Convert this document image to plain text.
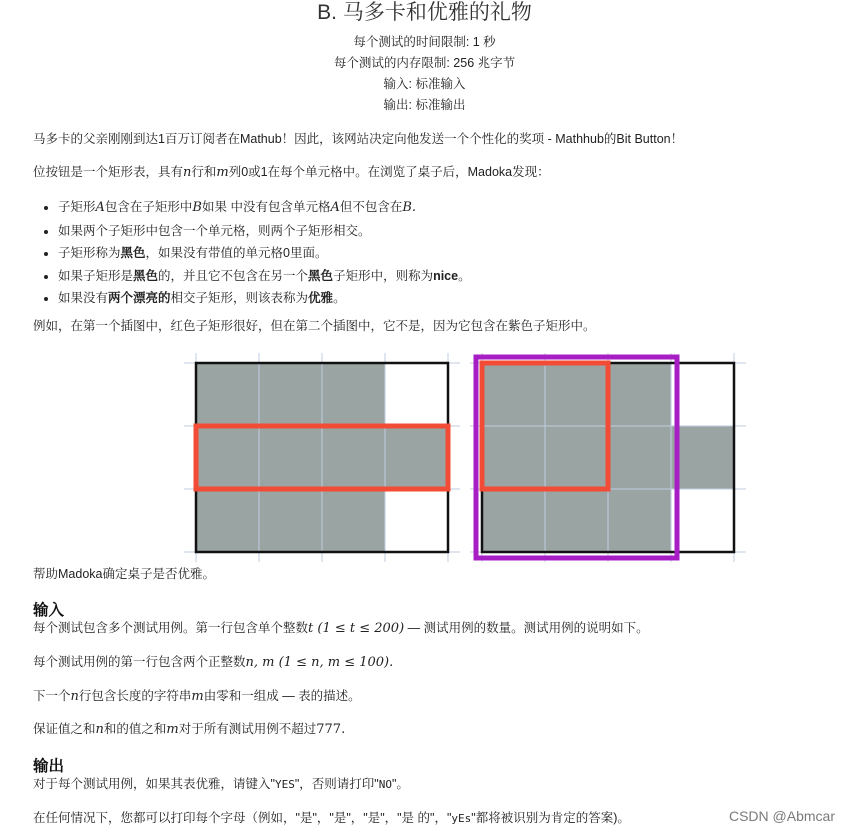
B. 马多卡和优雅的礼物
每个测试的时间限制: 1 秒
每个测试的内存限制: 256 兆字节
输入: 标准输入
输出: 标准输出
马多卡的父亲刚刚到达1百万订阅者在Mathub！因此，该网站决定向他发送一个个性化的奖项 - Mathhub的Bit Button！
位按钮是一个矩形表，具有n行和m列0或1在每个单元格中。在浏览了桌子后，Madoka发现：
• 子矩形A包含在子矩形中B如果 中没有包含单元格A但不包含在B.
• 如果两个子矩形中包含一个单元格，则两个子矩形相交。
• 子矩形称为黑色，如果没有带值的单元格0里面。
• 如果子矩形是黑色的，并且它不包含在另一个黑色子矩形中，则称为nice。
• 如果没有两个漂亮的相交子矩形，则该表称为优雅。
例如，在第一个插图中，红色子矩形很好，但在第二个插图中，它不是，因为它包含在紫色子矩形中。
帮助Madoka确定桌子是否优雅。
输入
每个测试包含多个测试用例。第一行包含单个整数t (1 ≤ t ≤ 200) — 测试用例的数量。测试用例的说明如下。
每个测试用例的第一行包含两个正整数n, m (1 ≤ n, m ≤ 100).
下一个n行包含长度的字符串m由零和一组成 — 表的描述。
保证值之和n和的值之和m对于所有测试用例不超过777.
输出
对于每个测试用例，如果其表优雅，请键入"YES"，否则请打印"NO"。
在任何情况下，您都可以打印每个字母（例如，"是"，"是"，"是"，"是 的"，"yEs"都将被识别为肯定的答案)。	CSDN @Abmcar
